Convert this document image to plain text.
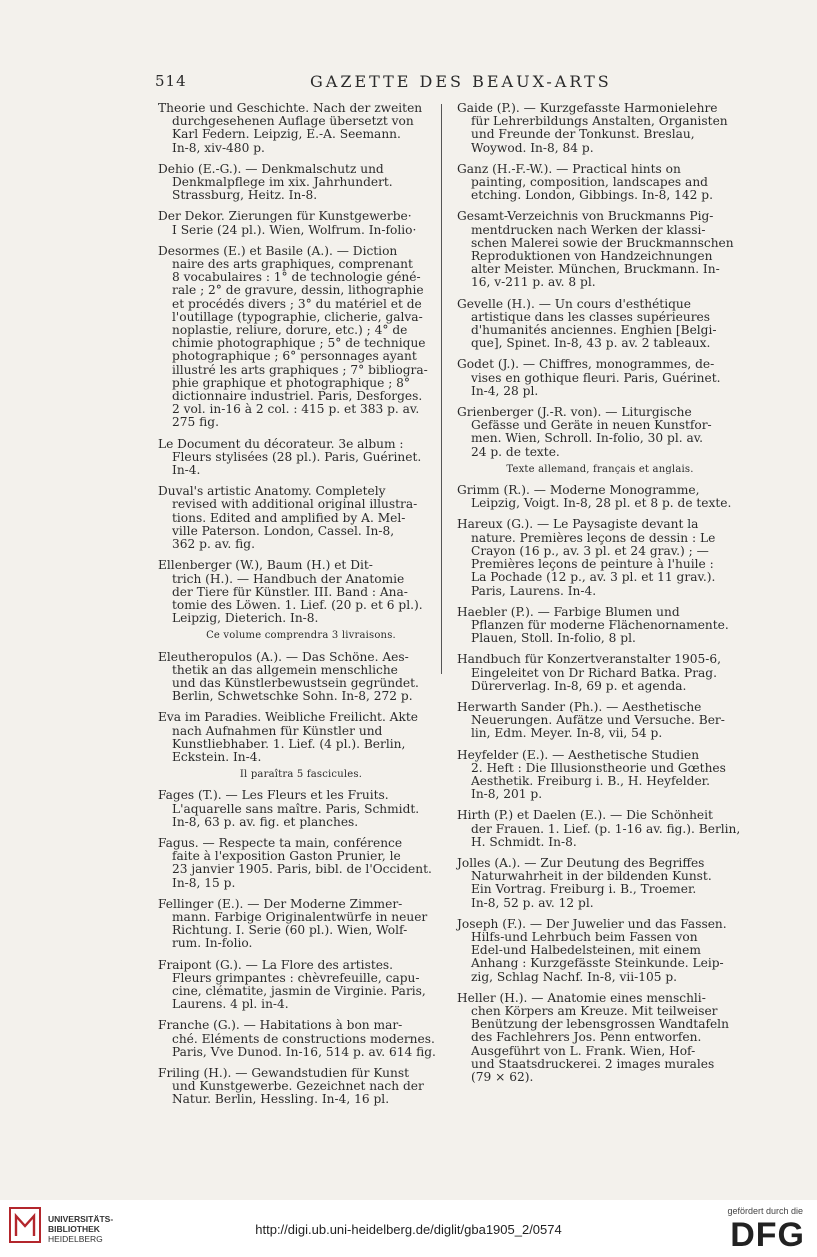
514	GAZETTE DES BEAUX-ARTS
Theorie und Geschichte. Nach der zweiten
durchgesehenen Auflage übersetzt von
Karl Federn. Leipzig, E.-A. Seemann.
In-8, xiv-480 p.
Dehio (E.-G.). — Denkmalschutz und
Denkmalpflege im xix. Jahrhundert.
Strassburg, Heitz. In-8.
Der Dekor. Zierungen für Kunstgewerbe·
I Serie (24 pl.). Wien, Wolfrum. In-folio·
Desormes (E.) et Basile (A.). — Diction
naire des arts graphiques, comprenant
8 vocabulaires : 1° de technologie géné-
rale ; 2° de gravure, dessin, lithographie
et procédés divers ; 3° du matériel et de
l'outillage (typographie, clicherie, galva-
noplastie, reliure, dorure, etc.) ; 4° de
chimie photographique ; 5° de technique
photographique ; 6° personnages ayant
illustré les arts graphiques ; 7° bibliogra-
phie graphique et photographique ; 8°
dictionnaire industriel. Paris, Desforges.
2 vol. in-16 à 2 col. : 415 p. et 383 p. av.
275 fig.
Le Document du décorateur. 3e album :
Fleurs stylisées (28 pl.). Paris, Guérinet.
In-4.
Duval's artistic Anatomy. Completely
revised with additional original illustra-
tions. Edited and amplified by A. Mel-
ville Paterson. London, Cassel. In-8,
362 p. av. fig.
Ellenberger (W.), Baum (H.) et Dit-
trich (H.). — Handbuch der Anatomie
der Tiere für Künstler. III. Band : Ana-
tomie des Löwen. 1. Lief. (20 p. et 6 pl.).
Leipzig, Dieterich. In-8.
Ce volume comprendra 3 livraisons.
Eleutheropulos (A.). — Das Schöne. Aes-
thetik an das allgemein menschliche
und das Künstlerbewustsein gegründet.
Berlin, Schwetschke Sohn. In-8, 272 p.
Eva im Paradies. Weibliche Freilicht. Akte
nach Aufnahmen für Künstler und
Kunstliebhaber. 1. Lief. (4 pl.). Berlin,
Eckstein. In-4.
Il paraîtra 5 fascicules.
Fages (T.). — Les Fleurs et les Fruits.
L'aquarelle sans maître. Paris, Schmidt.
In-8, 63 p. av. fig. et planches.
Fagus. — Respecte ta main, conférence
faite à l'exposition Gaston Prunier, le
23 janvier 1905. Paris, bibl. de l'Occident.
In-8, 15 p.
Fellinger (E.). — Der Moderne Zimmer-
mann. Farbige Originalentwürfe in neuer
Richtung. I. Serie (60 pl.). Wien, Wolf-
rum. In-folio.
Fraipont (G.). — La Flore des artistes.
Fleurs grimpantes : chèvrefeuille, capu-
cine, clématite, jasmin de Virginie. Paris,
Laurens. 4 pl. in-4.
Franche (G.). — Habitations à bon mar-
ché. Eléments de constructions modernes.
Paris, Vve Dunod. In-16, 514 p. av. 614 fig.
Friling (H.). — Gewandstudien für Kunst
und Kunstgewerbe. Gezeichnet nach der
Natur. Berlin, Hessling. In-4, 16 pl.
Gaide (P.). — Kurzgefasste Harmonielehre
für Lehrerbildungs Anstalten, Organisten
und Freunde der Tonkunst. Breslau,
Woywod. In-8, 84 p.
Ganz (H.-F.-W.). — Practical hints on
painting, composition, landscapes and
etching. London, Gibbings. In-8, 142 p.
Gesamt-Verzeichnis von Bruckmanns Pig-
mentdrucken nach Werken der klassi-
schen Malerei sowie der Bruckmannschen
Reproduktionen von Handzeichnungen
alter Meister. München, Bruckmann. In-
16, v-211 p. av. 8 pl.
Gevelle (H.). — Un cours d'esthétique
artistique dans les classes supérieures
d'humanités anciennes. Enghien [Belgi-
que], Spinet. In-8, 43 p. av. 2 tableaux.
Godet (J.). — Chiffres, monogrammes, de-
vises en gothique fleuri. Paris, Guérinet.
In-4, 28 pl.
Grienberger (J.-R. von). — Liturgische
Gefässe und Geräte in neuen Kunstfor-
men. Wien, Schroll. In-folio, 30 pl. av.
24 p. de texte.
Texte allemand, français et anglais.
Grimm (R.). — Moderne Monogramme,
Leipzig, Voigt. In-8, 28 pl. et 8 p. de texte.
Hareux (G.). — Le Paysagiste devant la
nature. Premières leçons de dessin : Le
Crayon (16 p., av. 3 pl. et 24 grav.) ; —
Premières leçons de peinture à l'huile :
La Pochade (12 p., av. 3 pl. et 11 grav.).
Paris, Laurens. In-4.
Haebler (P.). — Farbige Blumen und
Pflanzen für moderne Flächenornamente.
Plauen, Stoll. In-folio, 8 pl.
Handbuch für Konzertveranstalter 1905-6,
Eingeleitet von Dr Richard Batka. Prag.
Dürerverlag. In-8, 69 p. et agenda.
Herwarth Sander (Ph.). — Aesthetische
Neuerungen. Aufätze und Versuche. Ber-
lin, Edm. Meyer. In-8, vii, 54 p.
Heyfelder (E.). — Aesthetische Studien
2. Heft : Die Illusionstheorie und Gœthes
Aesthetik. Freiburg i. B., H. Heyfelder.
In-8, 201 p.
Hirth (P.) et Daelen (E.). — Die Schönheit
der Frauen. 1. Lief. (p. 1-16 av. fig.). Berlin,
H. Schmidt. In-8.
Jolles (A.). — Zur Deutung des Begriffes
Naturwahrheit in der bildenden Kunst.
Ein Vortrag. Freiburg i. B., Troemer.
In-8, 52 p. av. 12 pl.
Joseph (F.). — Der Juwelier und das Fassen.
Hilfs-und Lehrbuch beim Fassen von
Edel-und Halbedelsteinen, mit einem
Anhang : Kurzgefässte Steinkunde. Leip-
zig, Schlag Nachf. In-8, vii-105 p.
Heller (H.). — Anatomie eines menschli-
chen Körpers am Kreuze. Mit teilweiser
Benützung der lebensgrossen Wandtafeln
des Fachlehrers Jos. Penn entworfen.
Ausgeführt von L. Frank. Wien, Hof-
und Staatsdruckerei. 2 images murales
(79 × 62).
UNIVERSITÄTS-
BIBLIOTHEK
HEIDELBERG
http://digi.ub.uni-heidelberg.de/diglit/gba1905_2/0574
gefördert durch die
DFG
